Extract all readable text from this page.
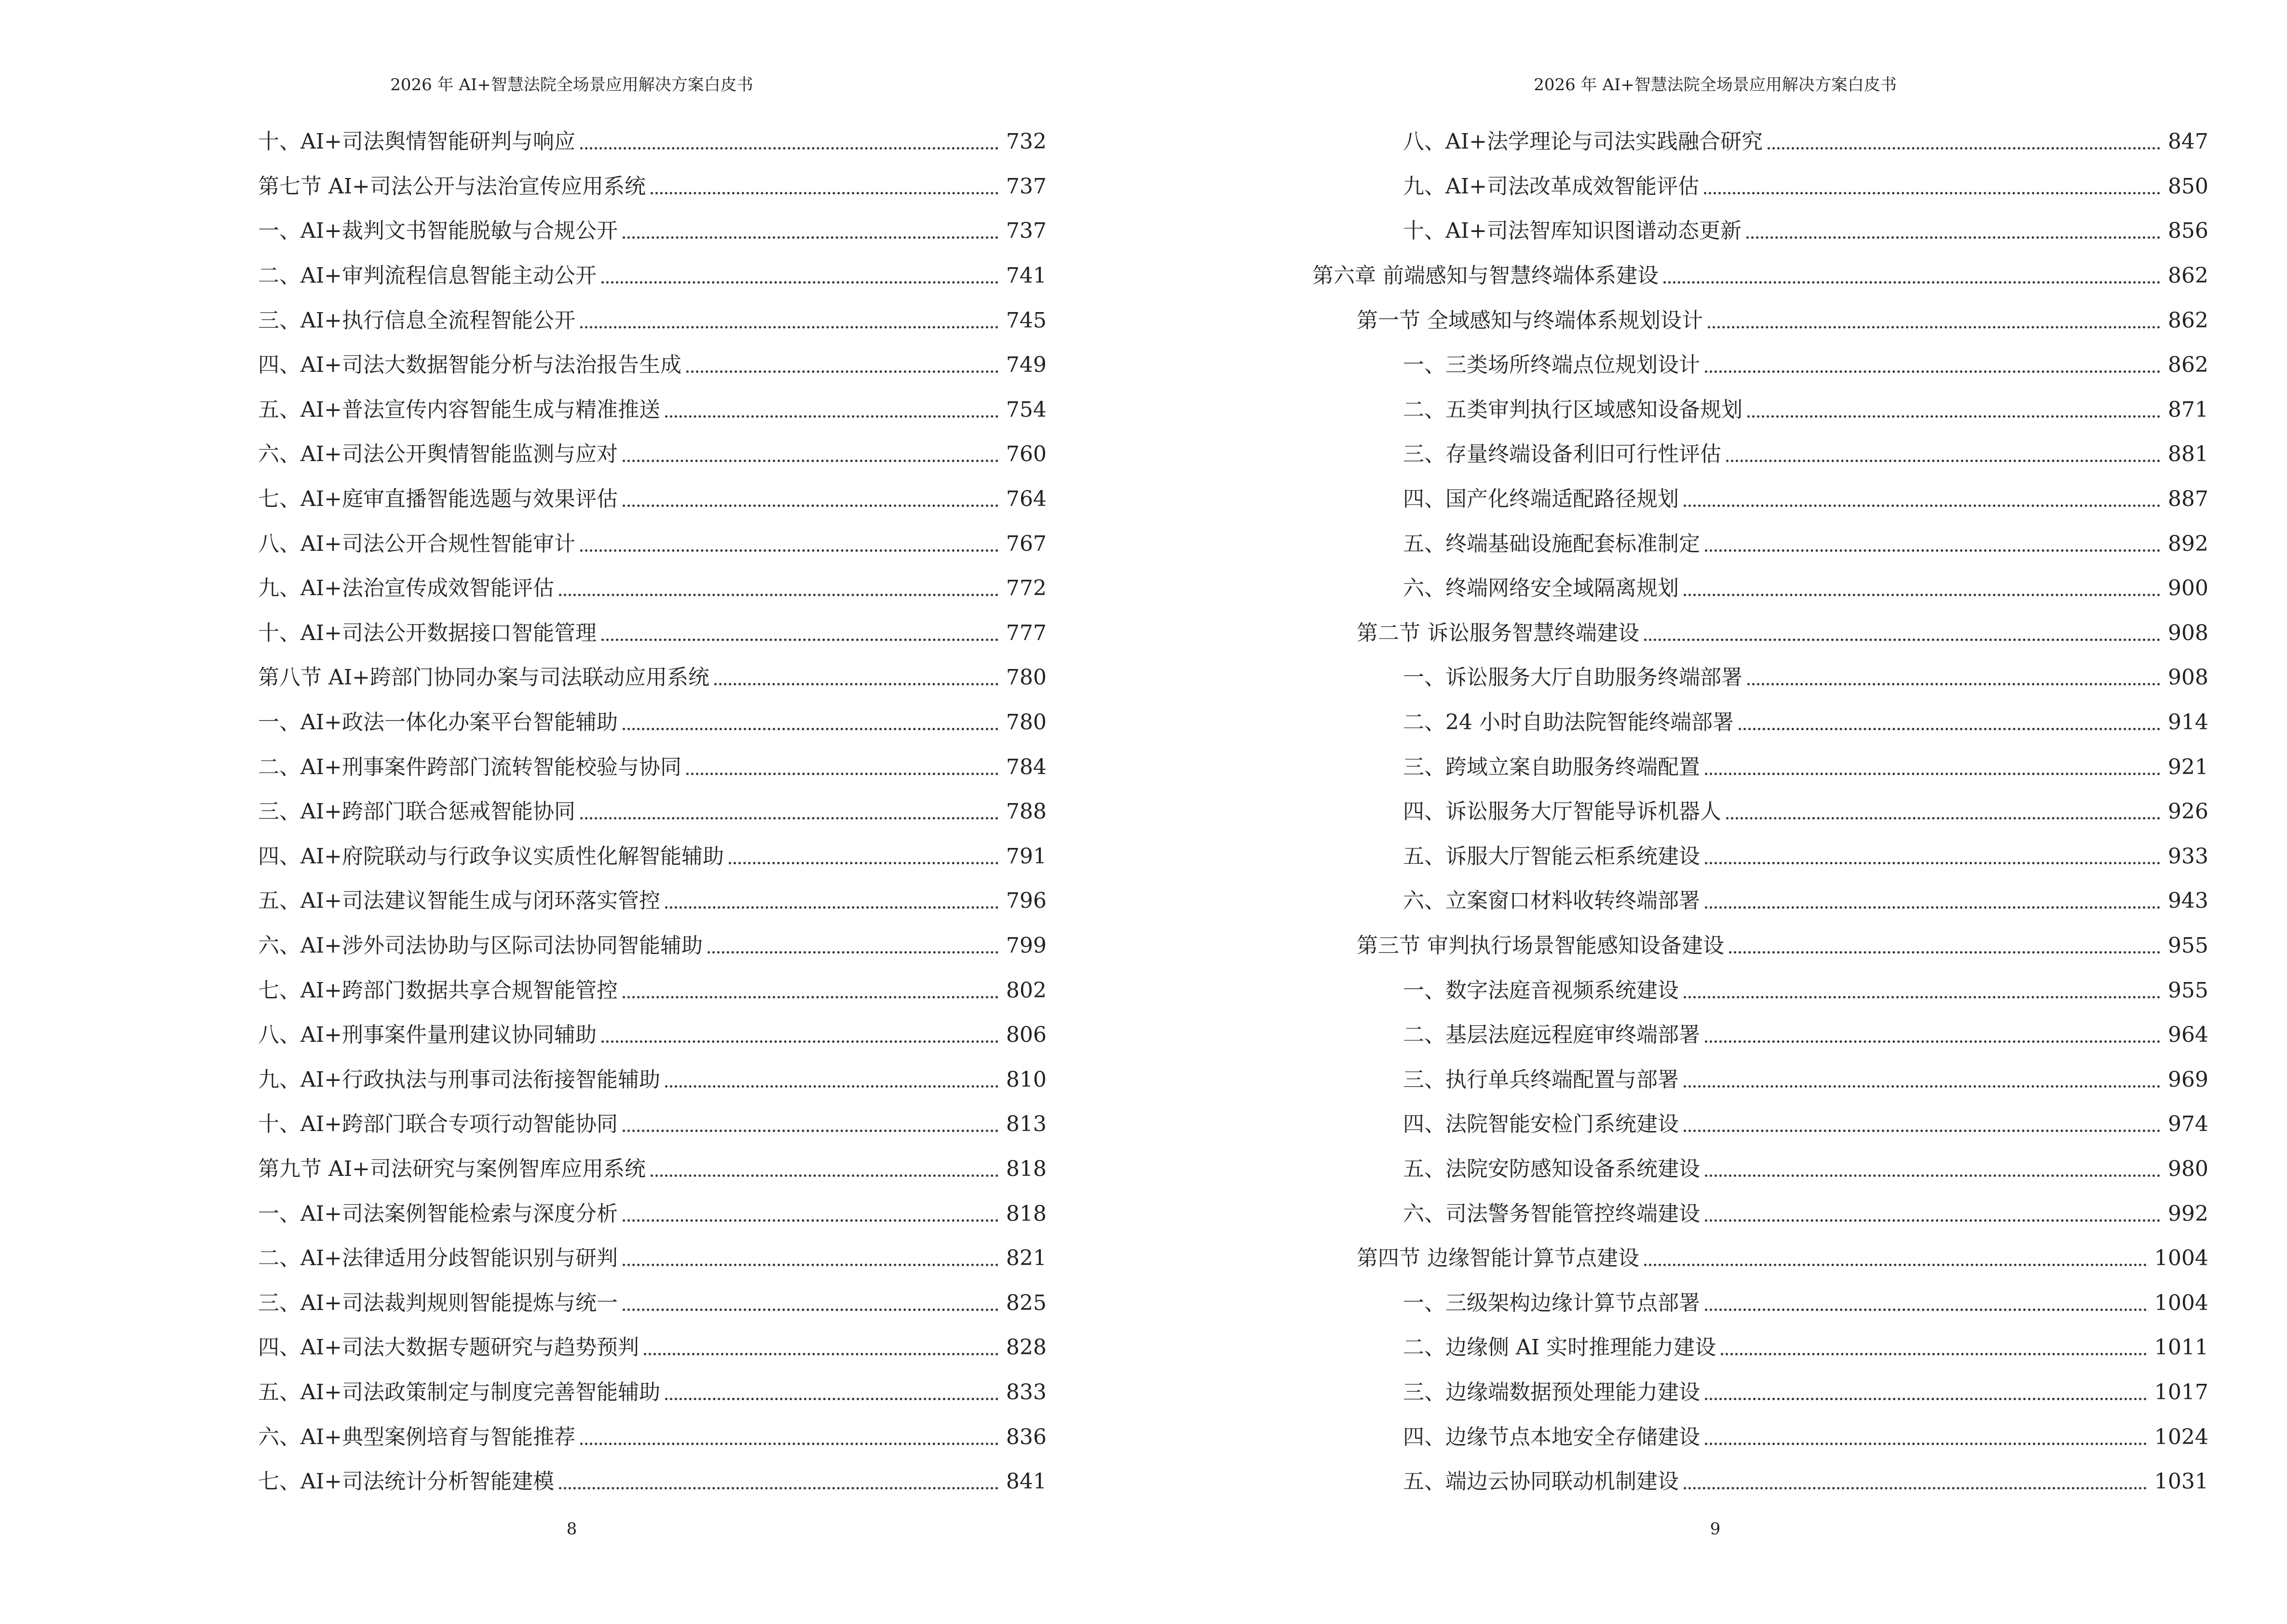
2026 年 AI+智慧法院全场景应用解决方案白皮书
十、AI+司法舆情智能研判与响应	732
第七节 AI+司法公开与法治宣传应用系统	737
一、AI+裁判文书智能脱敏与合规公开	737
二、AI+审判流程信息智能主动公开	741
三、AI+执行信息全流程智能公开	745
四、AI+司法大数据智能分析与法治报告生成	749
五、AI+普法宣传内容智能生成与精准推送	754
六、AI+司法公开舆情智能监测与应对	760
七、AI+庭审直播智能选题与效果评估	764
八、AI+司法公开合规性智能审计	767
九、AI+法治宣传成效智能评估	772
十、AI+司法公开数据接口智能管理	777
第八节 AI+跨部门协同办案与司法联动应用系统	780
一、AI+政法一体化办案平台智能辅助	780
二、AI+刑事案件跨部门流转智能校验与协同	784
三、AI+跨部门联合惩戒智能协同	788
四、AI+府院联动与行政争议实质性化解智能辅助	791
五、AI+司法建议智能生成与闭环落实管控	796
六、AI+涉外司法协助与区际司法协同智能辅助	799
七、AI+跨部门数据共享合规智能管控	802
八、AI+刑事案件量刑建议协同辅助	806
九、AI+行政执法与刑事司法衔接智能辅助	810
十、AI+跨部门联合专项行动智能协同	813
第九节 AI+司法研究与案例智库应用系统	818
一、AI+司法案例智能检索与深度分析	818
二、AI+法律适用分歧智能识别与研判	821
三、AI+司法裁判规则智能提炼与统一	825
四、AI+司法大数据专题研究与趋势预判	828
五、AI+司法政策制定与制度完善智能辅助	833
六、AI+典型案例培育与智能推荐	836
七、AI+司法统计分析智能建模	841
8
2026 年 AI+智慧法院全场景应用解决方案白皮书
八、AI+法学理论与司法实践融合研究	847
九、AI+司法改革成效智能评估	850
十、AI+司法智库知识图谱动态更新	856
第六章 前端感知与智慧终端体系建设	862
第一节 全域感知与终端体系规划设计	862
一、三类场所终端点位规划设计	862
二、五类审判执行区域感知设备规划	871
三、存量终端设备利旧可行性评估	881
四、国产化终端适配路径规划	887
五、终端基础设施配套标准制定	892
六、终端网络安全域隔离规划	900
第二节 诉讼服务智慧终端建设	908
一、诉讼服务大厅自助服务终端部署	908
二、24 小时自助法院智能终端部署	914
三、跨域立案自助服务终端配置	921
四、诉讼服务大厅智能导诉机器人	926
五、诉服大厅智能云柜系统建设	933
六、立案窗口材料收转终端部署	943
第三节 审判执行场景智能感知设备建设	955
一、数字法庭音视频系统建设	955
二、基层法庭远程庭审终端部署	964
三、执行单兵终端配置与部署	969
四、法院智能安检门系统建设	974
五、法院安防感知设备系统建设	980
六、司法警务智能管控终端建设	992
第四节 边缘智能计算节点建设	1004
一、三级架构边缘计算节点部署	1004
二、边缘侧 AI 实时推理能力建设	1011
三、边缘端数据预处理能力建设	1017
四、边缘节点本地安全存储建设	1024
五、端边云协同联动机制建设	1031
9
